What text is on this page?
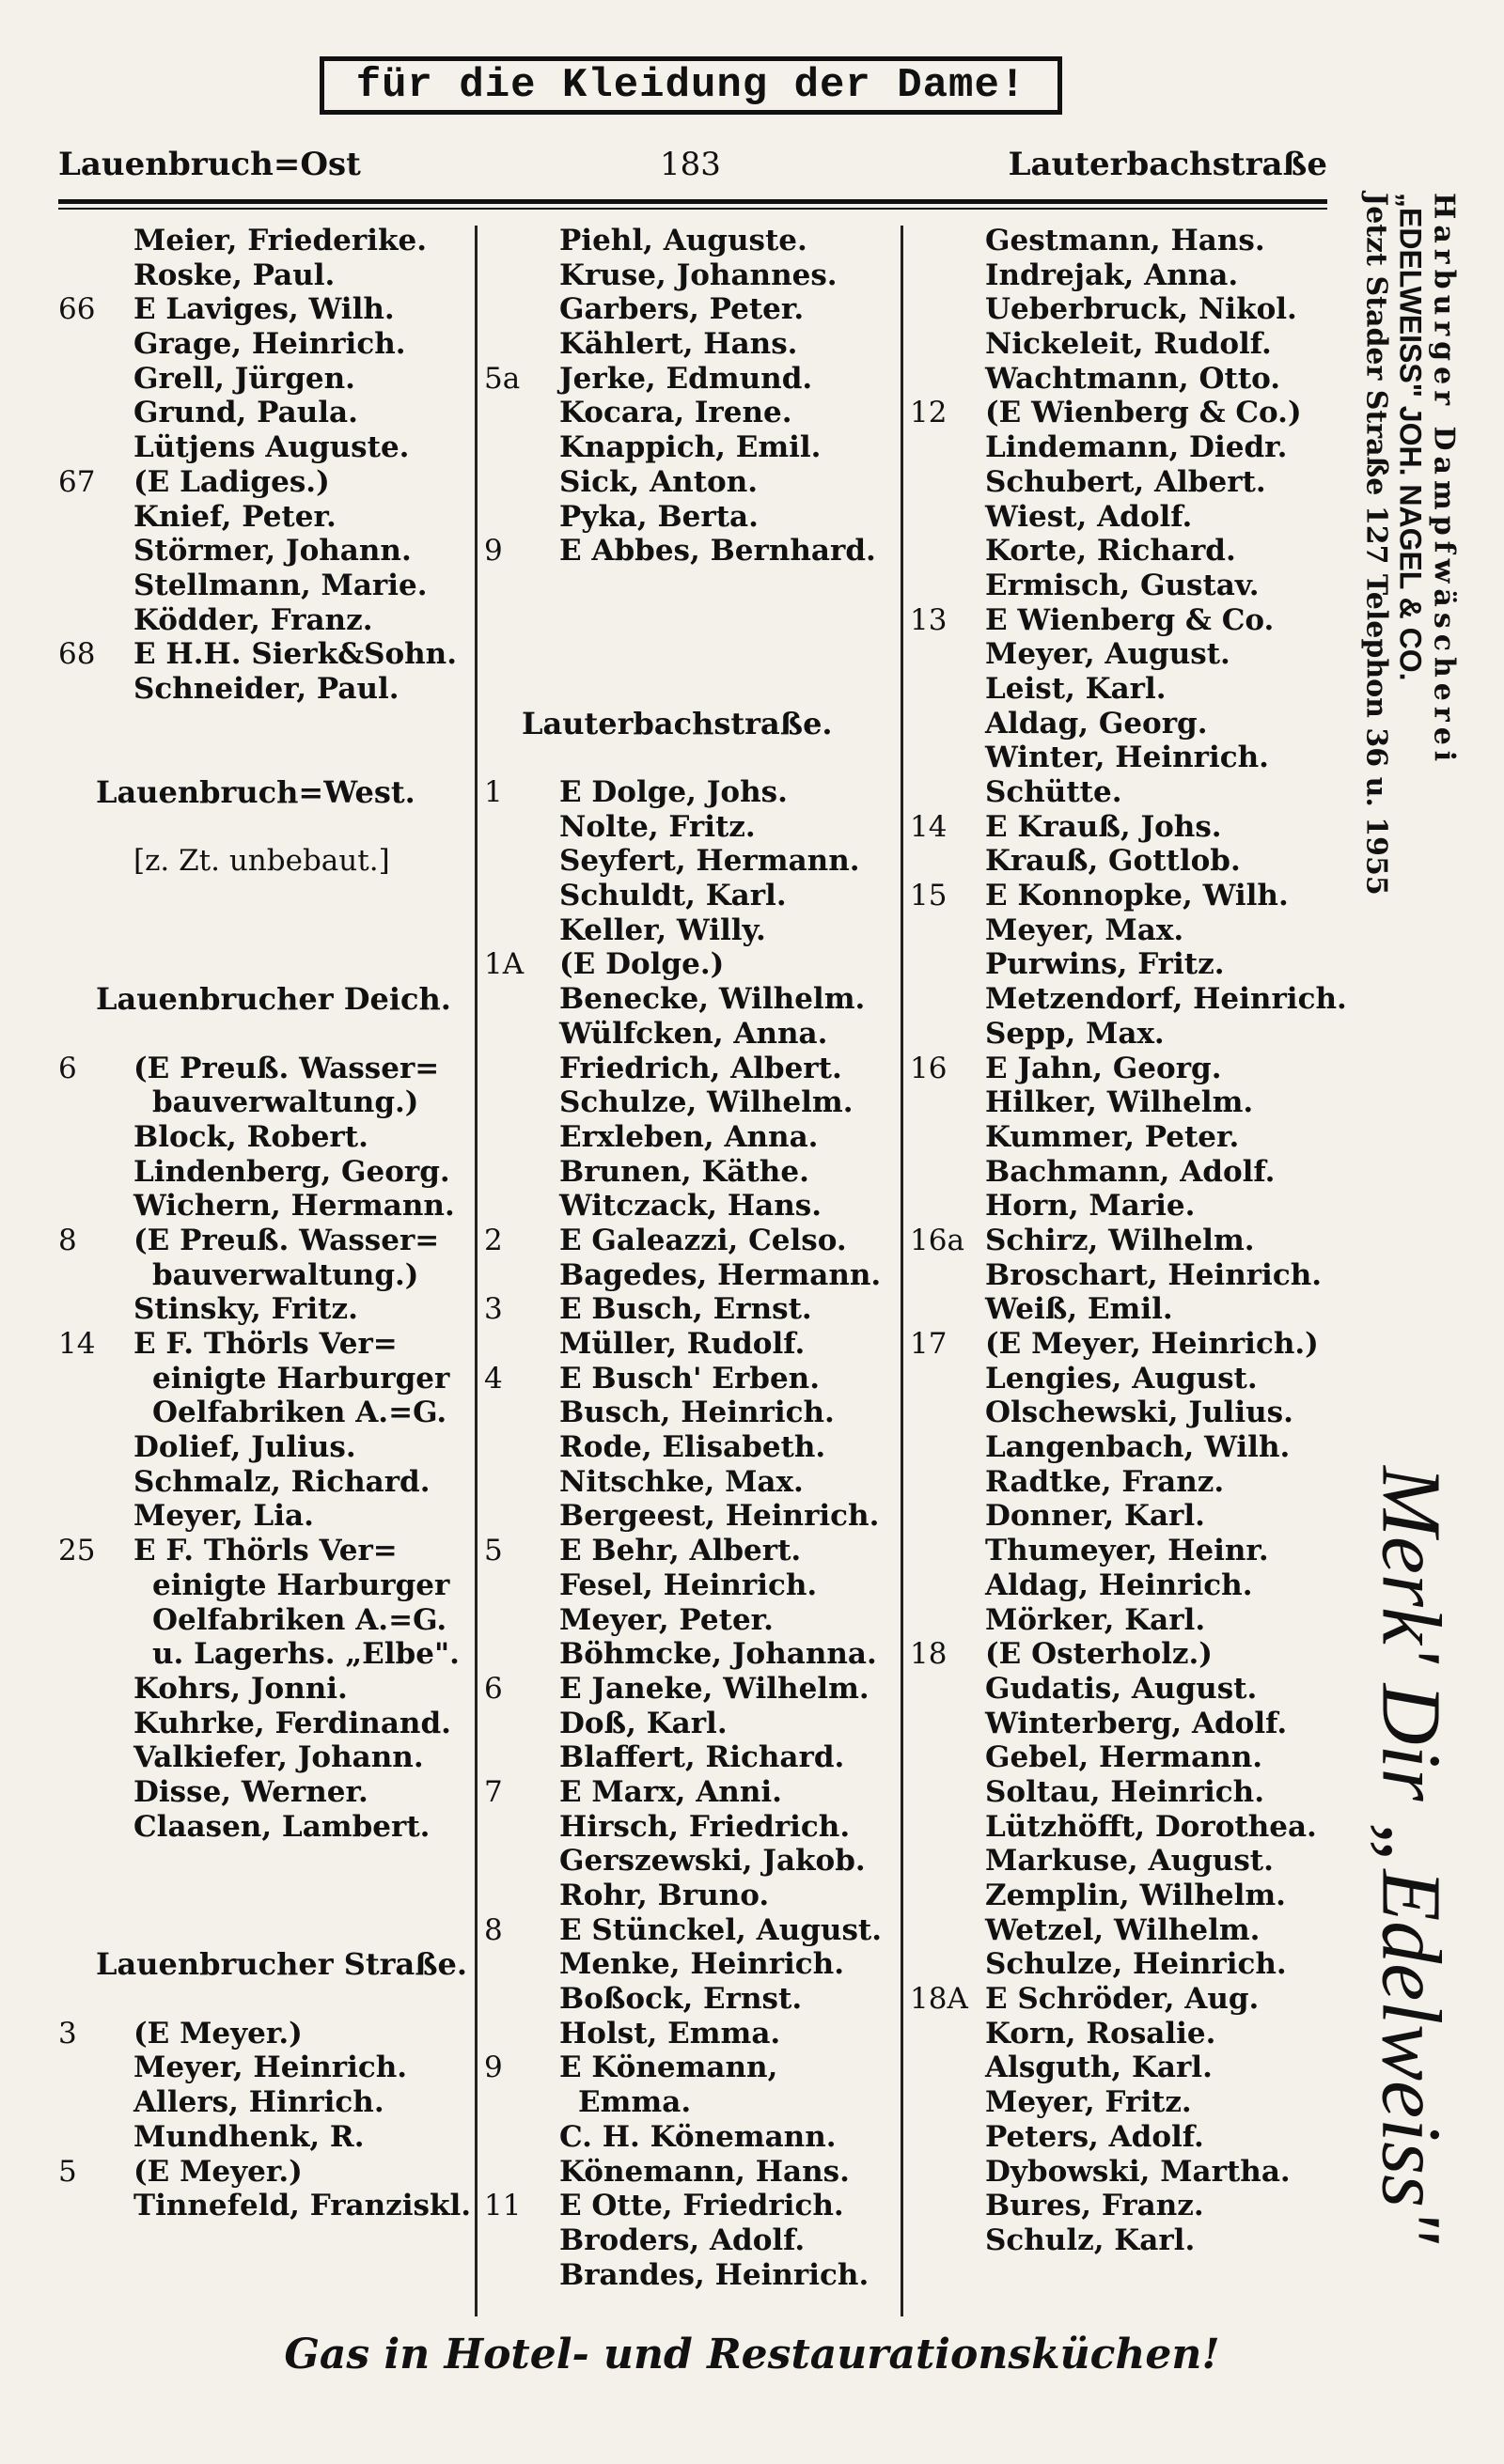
für die Kleidung der Dame!
Lauenbruch=Ost	183	Lauterbachstraße
Meier, Friederike.
Roske, Paul.
66	E Laviges, Wilh.
Grage, Heinrich.
Grell, Jürgen.
Grund, Paula.
Lütjens Auguste.
67	(E Ladiges.)
Knief, Peter.
Störmer, Johann.
Stellmann, Marie.
Ködder, Franz.
68	E H.H. Sierk&Sohn.
Schneider, Paul.
Lauenbruch=West.
[z. Zt. unbebaut.]
Lauenbrucher Deich.
6	(E Preuß. Wasser=
bauverwaltung.)
Block, Robert.
Lindenberg, Georg.
Wichern, Hermann.
8	(E Preuß. Wasser=
bauverwaltung.)
Stinsky, Fritz.
14	E F. Thörls Ver=
einigte Harburger
Oelfabriken A.=G.
Dolief, Julius.
Schmalz, Richard.
Meyer, Lia.
25	E F. Thörls Ver=
einigte Harburger
Oelfabriken A.=G.
u. Lagerhs. „Elbe".
Kohrs, Jonni.
Kuhrke, Ferdinand.
Valkiefer, Johann.
Disse, Werner.
Claasen, Lambert.
Lauenbrucher Straße.
3	(E Meyer.)
Meyer, Heinrich.
Allers, Hinrich.
Mundhenk, R.
5	(E Meyer.)
Tinnefeld, Franziskl.
Piehl, Auguste.
Kruse, Johannes.
Garbers, Peter.
Kählert, Hans.
5a	Jerke, Edmund.
Kocara, Irene.
Knappich, Emil.
Sick, Anton.
Pyka, Berta.
9	E Abbes, Bernhard.
Lauterbachstraße.
1	E Dolge, Johs.
Nolte, Fritz.
Seyfert, Hermann.
Schuldt, Karl.
Keller, Willy.
1A	(E Dolge.)
Benecke, Wilhelm.
Wülfcken, Anna.
Friedrich, Albert.
Schulze, Wilhelm.
Erxleben, Anna.
Brunen, Käthe.
Witczack, Hans.
2	E Galeazzi, Celso.
Bagedes, Hermann.
3	E Busch, Ernst.
Müller, Rudolf.
4	E Busch' Erben.
Busch, Heinrich.
Rode, Elisabeth.
Nitschke, Max.
Bergeest, Heinrich.
5	E Behr, Albert.
Fesel, Heinrich.
Meyer, Peter.
Böhmcke, Johanna.
6	E Janeke, Wilhelm.
Doß, Karl.
Blaffert, Richard.
7	E Marx, Anni.
Hirsch, Friedrich.
Gerszewski, Jakob.
Rohr, Bruno.
8	E Stünckel, August.
Menke, Heinrich.
Boßock, Ernst.
Holst, Emma.
9	E Könemann,
Emma.
C. H. Könemann.
Könemann, Hans.
11	E Otte, Friedrich.
Broders, Adolf.
Brandes, Heinrich.
Gestmann, Hans.
Indrejak, Anna.
Ueberbruck, Nikol.
Nickeleit, Rudolf.
Wachtmann, Otto.
12	(E Wienberg & Co.)
Lindemann, Diedr.
Schubert, Albert.
Wiest, Adolf.
Korte, Richard.
Ermisch, Gustav.
13	E Wienberg & Co.
Meyer, August.
Leist, Karl.
Aldag, Georg.
Winter, Heinrich.
Schütte.
14	E Krauß, Johs.
Krauß, Gottlob.
15	E Konnopke, Wilh.
Meyer, Max.
Purwins, Fritz.
Metzendorf, Heinrich.
Sepp, Max.
16	E Jahn, Georg.
Hilker, Wilhelm.
Kummer, Peter.
Bachmann, Adolf.
Horn, Marie.
16a Schirz, Wilhelm.
Broschart, Heinrich.
Weiß, Emil.
17	(E Meyer, Heinrich.)
Lengies, August.
Olschewski, Julius.
Langenbach, Wilh.
Radtke, Franz.
Donner, Karl.
Thumeyer, Heinr.
Aldag, Heinrich.
Mörker, Karl.
18	(E Osterholz.)
Gudatis, August.
Winterberg, Adolf.
Gebel, Hermann.
Soltau, Heinrich.
Lützhöfft, Dorothea.
Markuse, August.
Zemplin, Wilhelm.
Wetzel, Wilhelm.
Schulze, Heinrich.
18A E Schröder, Aug.
Korn, Rosalie.
Alsguth, Karl.
Meyer, Fritz.
Peters, Adolf.
Dybowski, Martha.
Bures, Franz.
Schulz, Karl.
Harburger Dampfwäscherei
„EDELWEISS" JOH. NAGEL & CO.
Jetzt Stader Straße 127 Telephon 36 u. 1955
Merk' Dir „Edelweiss"
Gas in Hotel- und Restaurationsküchen!
